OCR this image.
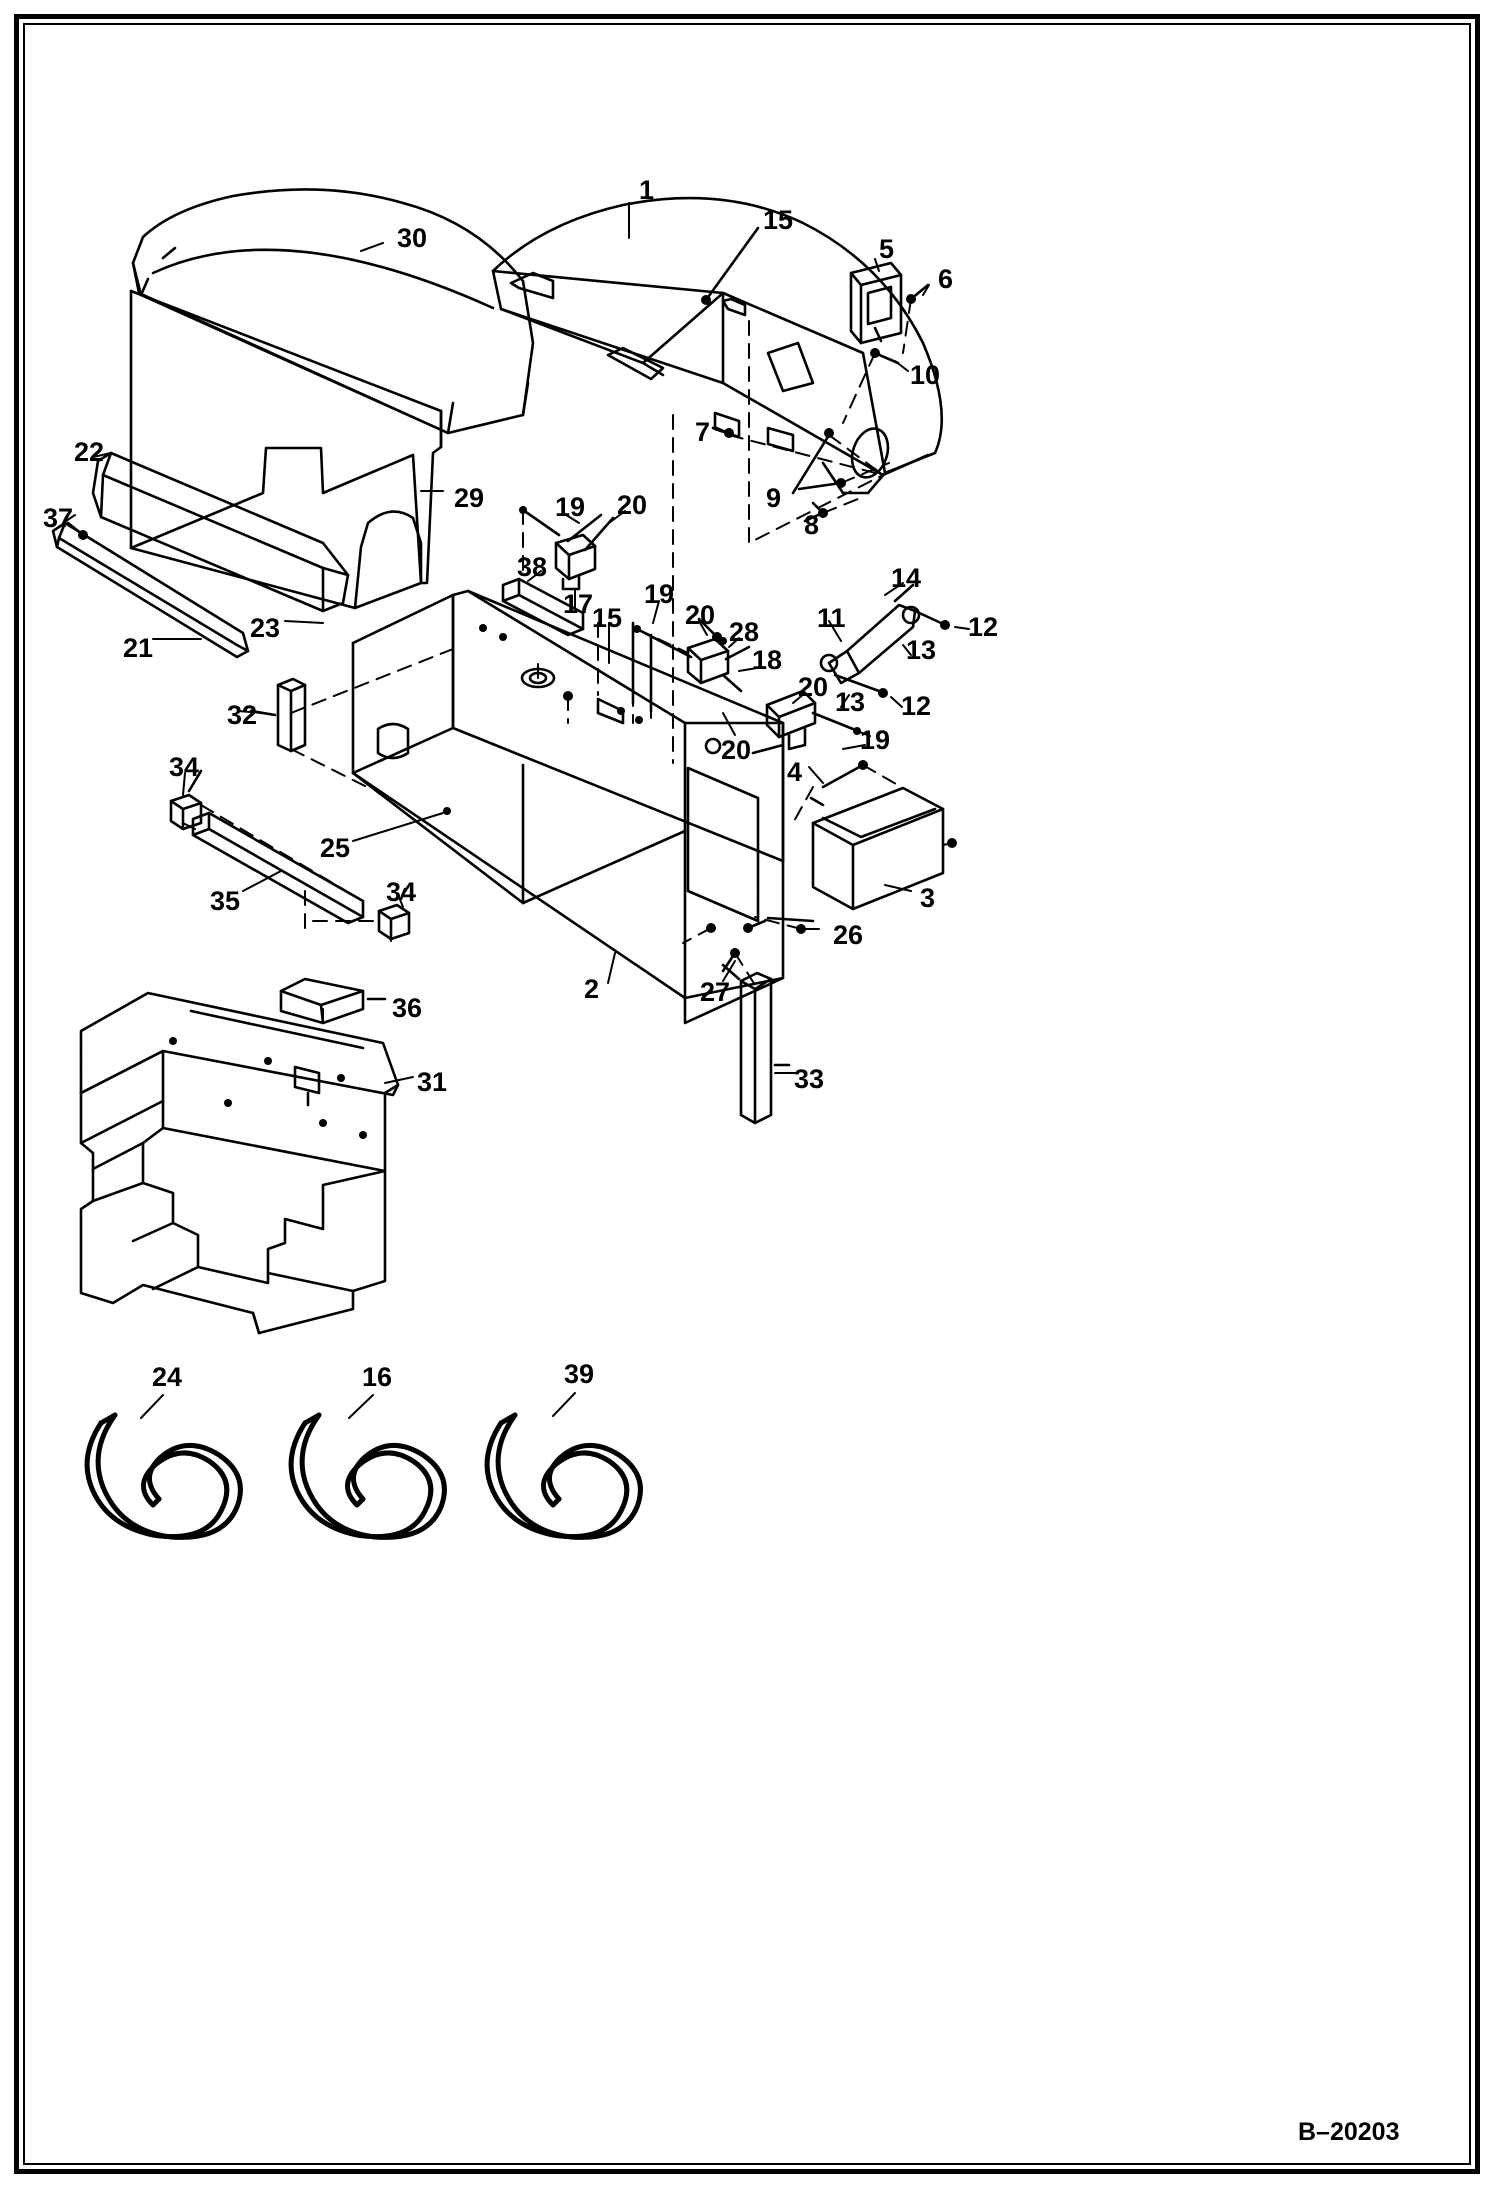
1
15
5
6
30
10
7
9
8
22
29	19 20
37
38
17
14
19
23
21
15 20
28 11	12
13
18
20 13 12
32
20	19
4
34
25
35	3
34
26
2	27
36
33
31
24	16	39
B–20203
